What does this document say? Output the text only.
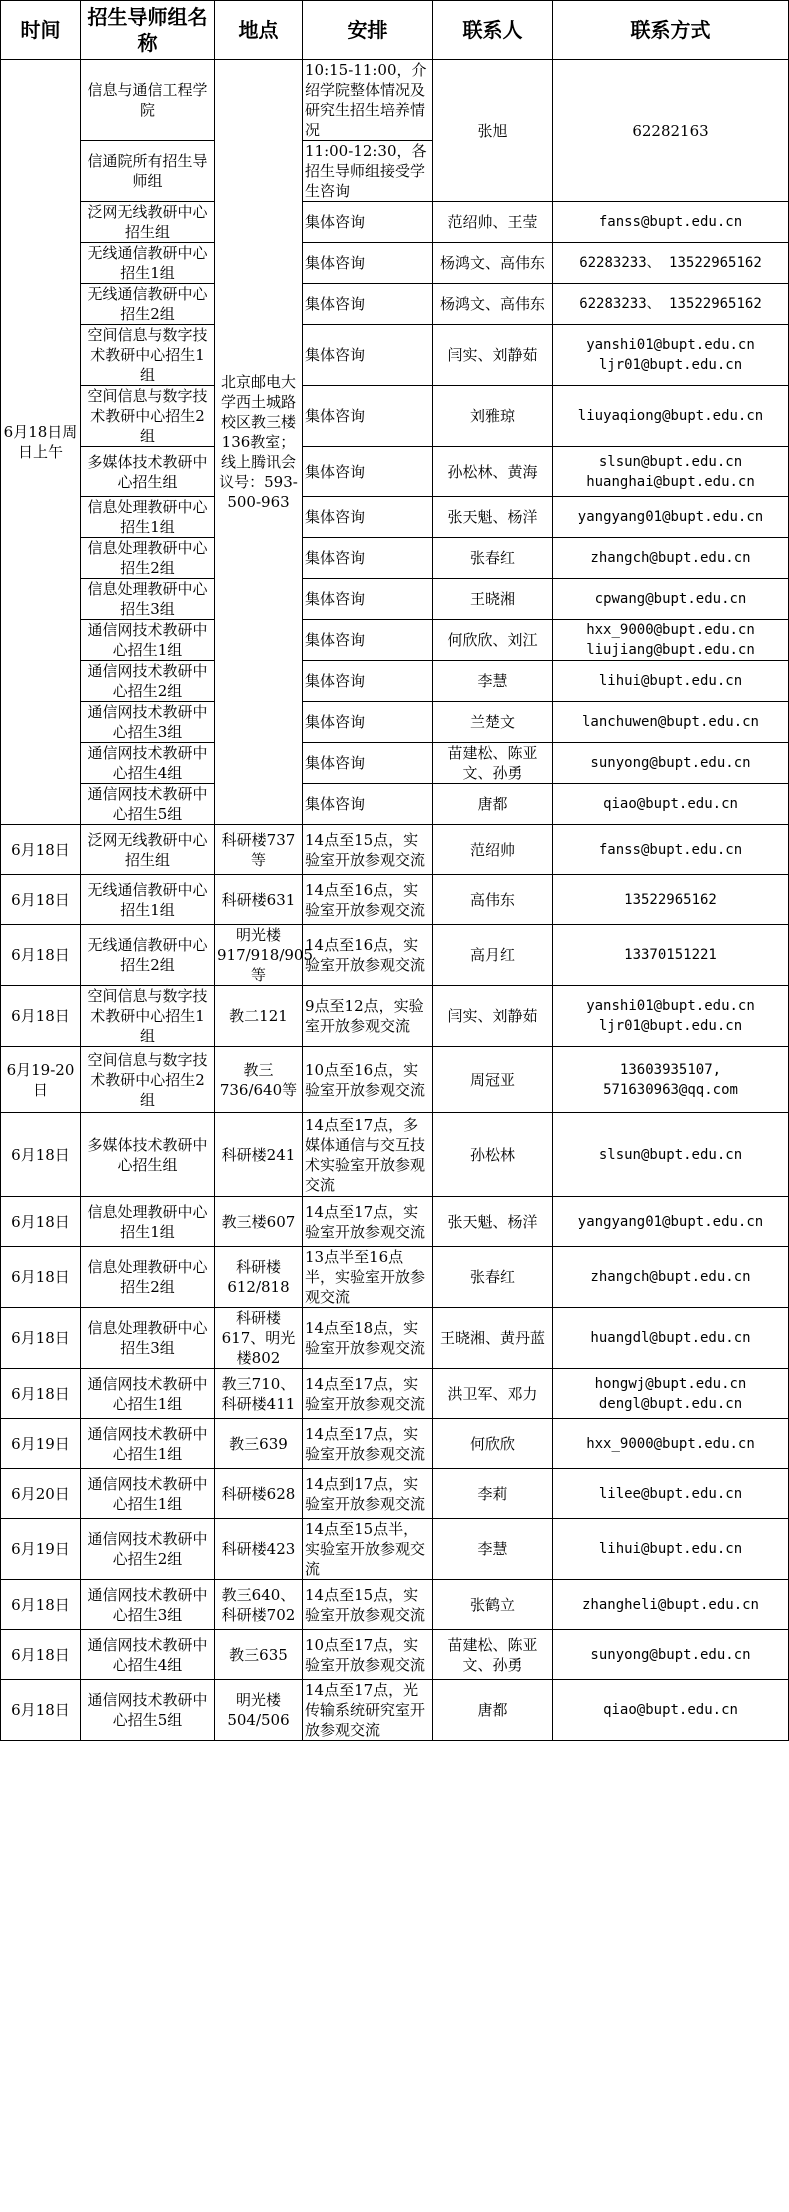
时间	招生导师组名称	地点	安排	联系人	联系方式
6月18日周日上午	信息与通信工程学院	北京邮电大学西土城路校区教三楼136教室；线上腾讯会议号：593-500-963	10:15-11:00，介绍学院整体情况及研究生招生培养情况	张旭	62282163
	信通院所有招生导师组		11:00-12:30，各招生导师组接受学生咨询		
	泛网无线教研中心招生组		集体咨询	范绍帅、王莹	fanss@bupt.edu.cn
	无线通信教研中心招生1组		集体咨询	杨鸿文、高伟东	62283233、 13522965162
	无线通信教研中心招生2组		集体咨询	杨鸿文、高伟东	62283233、 13522965162
	空间信息与数字技术教研中心招生1组		集体咨询	闫实、刘静茹	yanshi01@bupt.edu.cn ljr01@bupt.edu.cn
	空间信息与数字技术教研中心招生2组		集体咨询	刘雅琼	liuyaqiong@bupt.edu.cn
	多媒体技术教研中心招生组		集体咨询	孙松林、黄海	slsun@bupt.edu.cn huanghai@bupt.edu.cn
	信息处理教研中心招生1组		集体咨询	张天魁、杨洋	yangyang01@bupt.edu.cn
	信息处理教研中心招生2组		集体咨询	张春红	zhangch@bupt.edu.cn
	信息处理教研中心招生3组		集体咨询	王晓湘	cpwang@bupt.edu.cn
	通信网技术教研中心招生1组		集体咨询	何欣欣、刘江	hxx_9000@bupt.edu.cn liujiang@bupt.edu.cn
	通信网技术教研中心招生2组		集体咨询	李慧	lihui@bupt.edu.cn
	通信网技术教研中心招生3组		集体咨询	兰楚文	lanchuwen@bupt.edu.cn
	通信网技术教研中心招生4组		集体咨询	苗建松、陈亚文、孙勇	sunyong@bupt.edu.cn
	通信网技术教研中心招生5组		集体咨询	唐都	qiao@bupt.edu.cn
6月18日	泛网无线教研中心招生组	科研楼737等	14点至15点，实验室开放参观交流	范绍帅	fanss@bupt.edu.cn
6月18日	无线通信教研中心招生1组	科研楼631	14点至16点，实验室开放参观交流	高伟东	13522965162
6月18日	无线通信教研中心招生2组	明光楼917/918/905等	14点至16点，实验室开放参观交流	高月红	13370151221
6月18日	空间信息与数字技术教研中心招生1组	教二121	9点至12点，实验室开放参观交流	闫实、刘静茹	yanshi01@bupt.edu.cn ljr01@bupt.edu.cn
6月19-20日	空间信息与数字技术教研中心招生2组	教三736/640等	10点至16点，实验室开放参观交流	周冠亚	13603935107, 571630963@qq.com
6月18日	多媒体技术教研中心招生组	科研楼241	14点至17点，多媒体通信与交互技术实验室开放参观交流	孙松林	slsun@bupt.edu.cn
6月18日	信息处理教研中心招生1组	教三楼607	14点至17点，实验室开放参观交流	张天魁、杨洋	yangyang01@bupt.edu.cn
6月18日	信息处理教研中心招生2组	科研楼612/818	13点半至16点半，实验室开放参观交流	张春红	zhangch@bupt.edu.cn
6月18日	信息处理教研中心招生3组	科研楼617、明光楼802	14点至18点，实验室开放参观交流	王晓湘、黄丹蓝	huangdl@bupt.edu.cn
6月18日	通信网技术教研中心招生1组	教三710、科研楼411	14点至17点，实验室开放参观交流	洪卫军、邓力	hongwj@bupt.edu.cn dengl@bupt.edu.cn
6月19日	通信网技术教研中心招生1组	教三639	14点至17点，实验室开放参观交流	何欣欣	hxx_9000@bupt.edu.cn
6月20日	通信网技术教研中心招生1组	科研楼628	14点到17点，实验室开放参观交流	李莉	lilee@bupt.edu.cn
6月19日	通信网技术教研中心招生2组	科研楼423	14点至15点半，实验室开放参观交流	李慧	lihui@bupt.edu.cn
6月18日	通信网技术教研中心招生3组	教三640、科研楼702	14点至15点，实验室开放参观交流	张鹤立	zhangheli@bupt.edu.cn
6月18日	通信网技术教研中心招生4组	教三635	10点至17点，实验室开放参观交流	苗建松、陈亚文、孙勇	sunyong@bupt.edu.cn
6月18日	通信网技术教研中心招生5组	明光楼504/506	14点至17点，光传输系统研究室开放参观交流	唐都	qiao@bupt.edu.cn
